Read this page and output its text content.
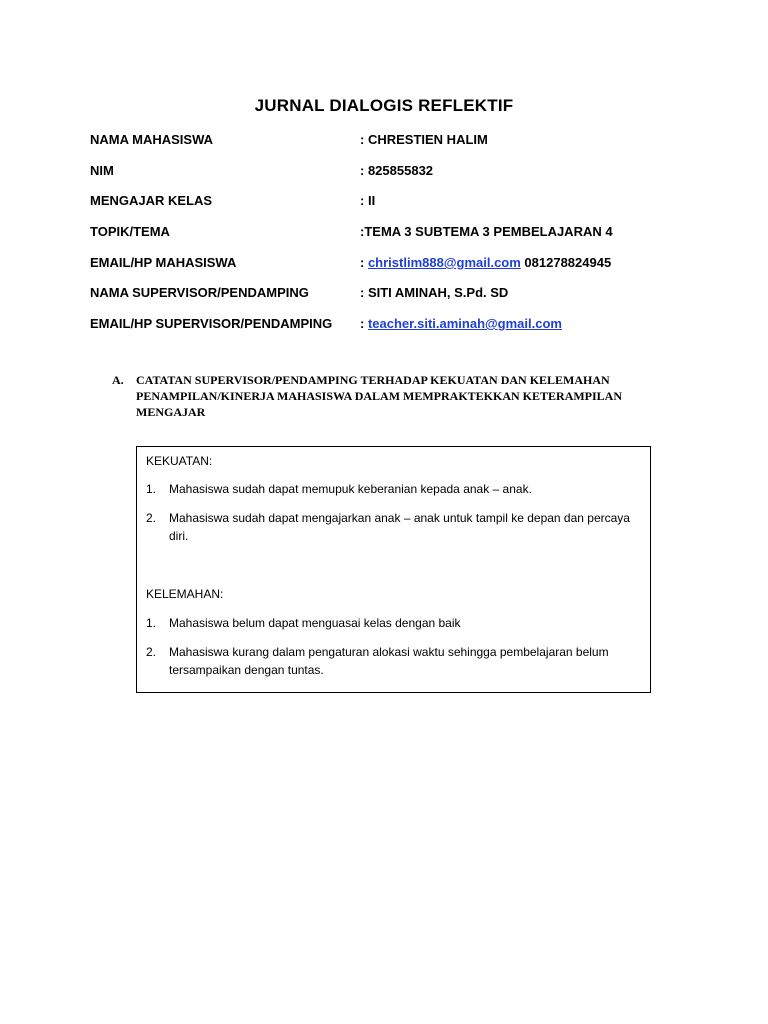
JURNAL DIALOGIS REFLEKTIF
NAMA MAHASISWA	: CHRESTIEN HALIM
NIM	: 825855832
MENGAJAR KELAS	: II
TOPIK/TEMA	:TEMA 3 SUBTEMA 3 PEMBELAJARAN 4
EMAIL/HP MAHASISWA	: christlim888@gmail.com 081278824945
NAMA SUPERVISOR/PENDAMPING	: SITI AMINAH, S.Pd. SD
EMAIL/HP SUPERVISOR/PENDAMPING : teacher.siti.aminah@gmail.com
A. CATATAN SUPERVISOR/PENDAMPING TERHADAP KEKUATAN DAN KELEMAHAN PENAMPILAN/KINERJA MAHASISWA DALAM MEMPRAKTEKKAN KETERAMPILAN MENGAJAR
KEKUATAN:
1. Mahasiswa sudah dapat memupuk keberanian kepada anak – anak.
2. Mahasiswa sudah dapat mengajarkan anak – anak untuk tampil ke depan dan percaya diri.
KELEMAHAN:
1. Mahasiswa belum dapat menguasai kelas dengan baik
2. Mahasiswa kurang dalam pengaturan alokasi waktu sehingga pembelajaran belum tersampaikan dengan tuntas.
